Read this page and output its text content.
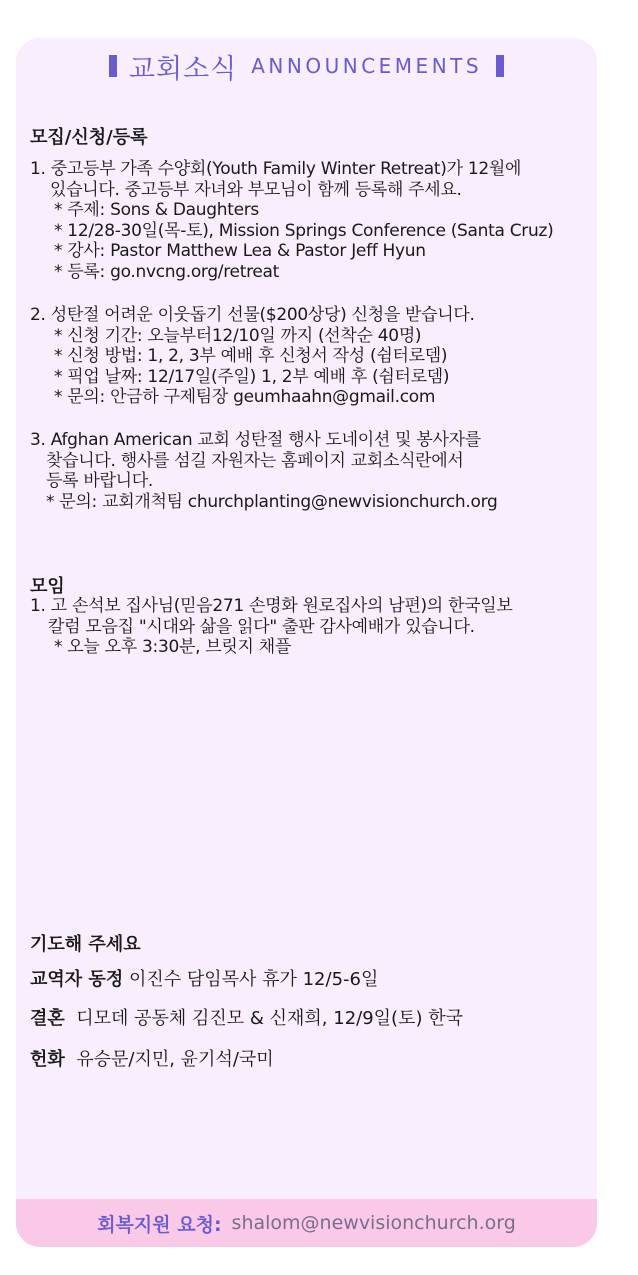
교회소식 ANNOUNCEMENTS
모집/신청/등록
1. 중고등부 가족 수양회(Youth Family Winter Retreat)가 12월에
있습니다. 중고등부 자녀와 부모님이 함께 등록해 주세요.
* 주제: Sons & Daughters
* 12/28-30일(목-토), Mission Springs Conference (Santa Cruz)
* 강사: Pastor Matthew Lea & Pastor Jeff Hyun
* 등록: go.nvcng.org/retreat
2. 성탄절 어려운 이웃돕기 선물($200상당) 신청을 받습니다.
* 신청 기간: 오늘부터12/10일 까지 (선착순 40명)
* 신청 방법: 1, 2, 3부 예배 후 신청서 작성 (쉼터로뎀)
* 픽업 날짜: 12/17일(주일) 1, 2부 예배 후 (쉼터로뎀)
* 문의: 안금하 구제팀장 geumhaahn@gmail.com
3. Afghan American 교회 성탄절 행사 도네이션 및 봉사자를
찾습니다. 행사를 섬길 자원자는 홈페이지 교회소식란에서
등록 바랍니다.
* 문의: 교회개척팀 churchplanting@newvisionchurch.org
모임
1. 고 손석보 집사님(믿음271 손명화 원로집사의 남편)의 한국일보
칼럼 모음집 "시대와 삶을 읽다" 출판 감사예배가 있습니다.
* 오늘 오후 3:30분, 브릿지 채플
기도해 주세요
교역자 동정 이진수 담임목사 휴가 12/5-6일
결혼  디모데 공동체 김진모 & 신재희, 12/9일(토) 한국
헌화  유승문/지민, 윤기석/국미
회복지원 요청: shalom@newvisionchurch.org
